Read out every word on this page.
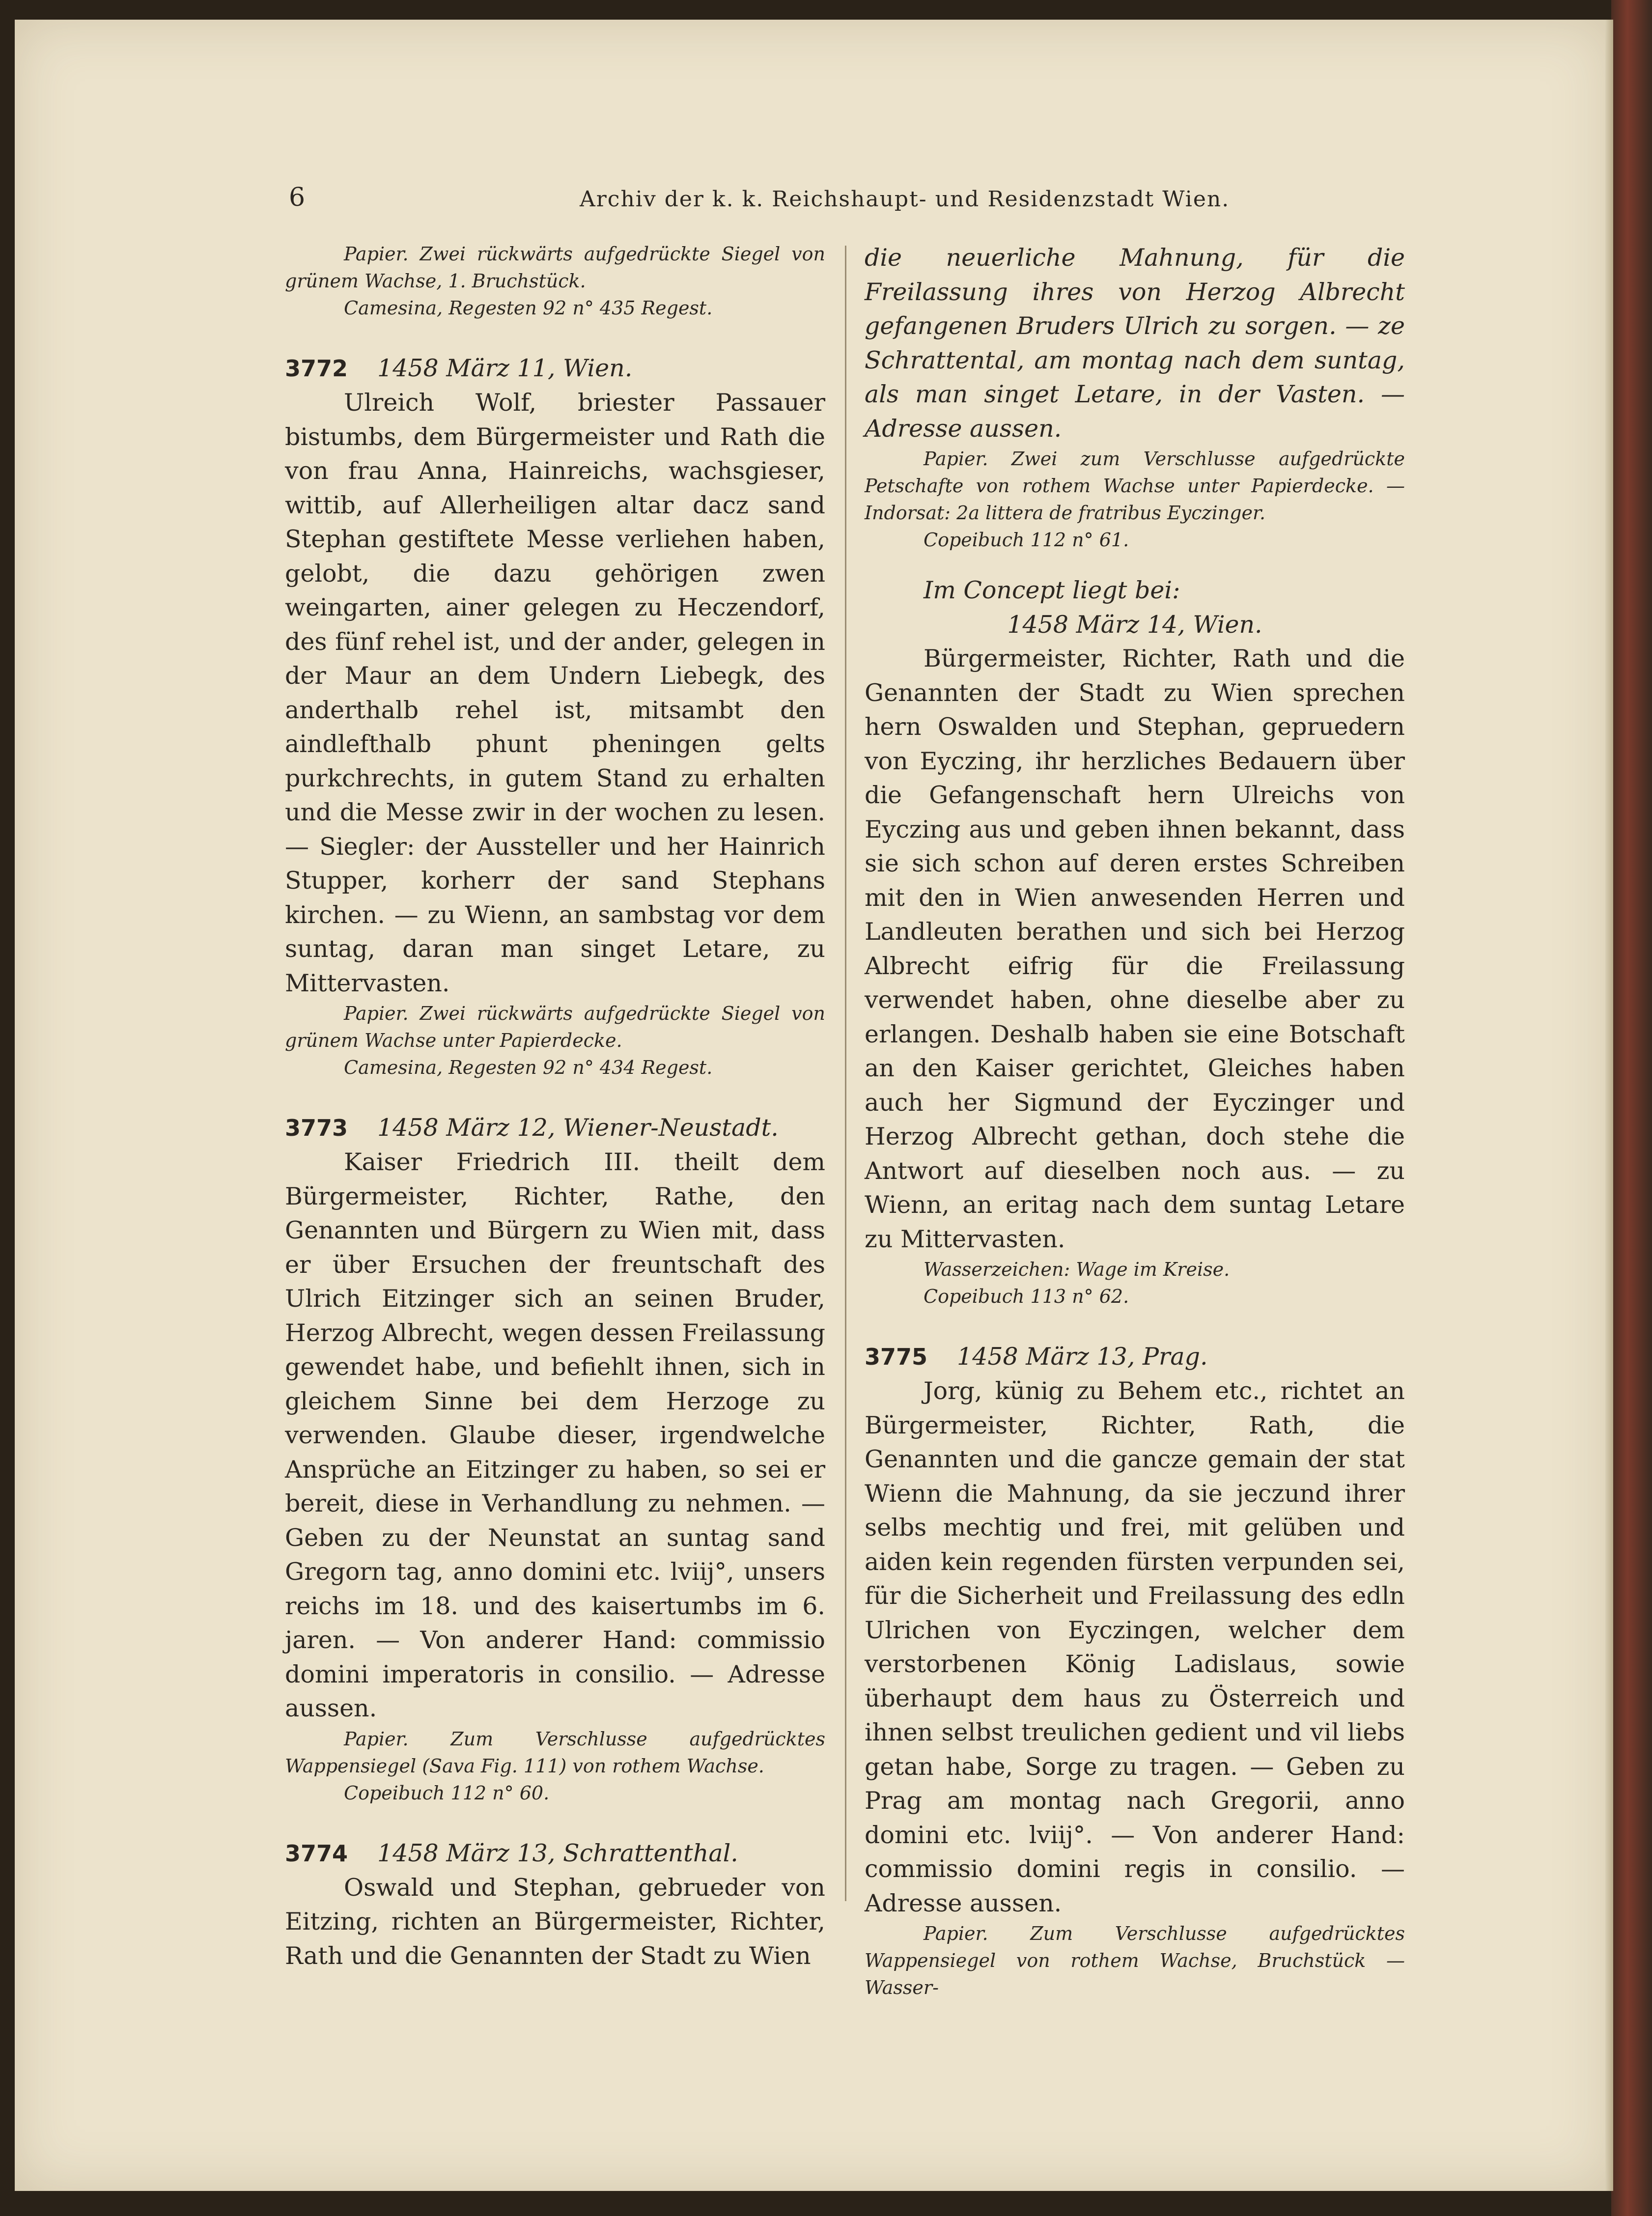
6	Archiv der k. k. Reichshaupt- und Residenzstadt Wien.
Papier. Zwei rückwärts aufgedrückte Siegel von grünem Wachse, 1. Bruchstück.
Camesina, Regesten 92 n° 435 Regest.
3772 1458 März 11, Wien.

Ulreich Wolf, briester Passauer bistumbs, dem Bürgermeister und Rath die von frau Anna, Hainreichs, wachsgieser, wittib, auf Allerheiligen altar dacz sand Stephan gestiftete Messe verliehen haben, gelobt, die dazu gehörigen zwen weingarten, ainer gelegen zu Heczendorf, des fünf rehel ist, und der ander, gelegen in der Maur an dem Undern Liebegk, des anderthalb rehel ist, mitsambt den aindlefthalb phunt pheningen gelts purkchrechts, in gutem Stand zu erhalten und die Messe zwir in der wochen zu lesen. — Siegler: der Aussteller und her Hainrich Stupper, korherr der sand Stephans kirchen. — zu Wienn, an sambstag vor dem suntag, daran man singet Letare, zu Mittervasten.

Papier. Zwei rückwärts aufgedrückte Siegel von grünem Wachse unter Papierdecke.
Camesina, Regesten 92 n° 434 Regest.
3773 1458 März 12, Wiener-Neustadt.

Kaiser Friedrich III. theilt dem Bürgermeister, Richter, Rathe, den Genannten und Bürgern zu Wien mit, dass er über Ersuchen der freuntschaft des Ulrich Eitzinger sich an seinen Bruder, Herzog Albrecht, wegen dessen Freilassung gewendet habe, und befiehlt ihnen, sich in gleichem Sinne bei dem Herzoge zu verwenden. Glaube dieser, irgendwelche Ansprüche an Eitzinger zu haben, so sei er bereit, diese in Verhandlung zu nehmen. — Geben zu der Neunstat an suntag sand Gregorn tag, anno domini etc. lviij°, unsers reichs im 18. und des kaisertumbs im 6. jaren. — Von anderer Hand: commissio domini imperatoris in consilio. — Adresse aussen.

Papier. Zum Verschlusse aufgedrücktes Wappensiegel (Sava Fig. 111) von rothem Wachse.
Copeibuch 112 n° 60.
3774 1458 März 13, Schrattenthal.

Oswald und Stephan, gebrueder von Eitzing, richten an Bürgermeister, Richter, Rath und die Genannten der Stadt zu Wien

die neuerliche Mahnung, für die Freilassung ihres von Herzog Albrecht gefangenen Bruders Ulrich zu sorgen. — ze Schrattental, am montag nach dem suntag, als man singet Letare, in der Vasten. — Adresse aussen.

Papier. Zwei zum Verschlusse aufgedrückte Petschafte von rothem Wachse unter Papierdecke. — Indorsat: 2a littera de fratribus Eyczinger.
Copeibuch 112 n° 61.

Im Concept liegt bei:

1458 März 14, Wien.

Bürgermeister, Richter, Rath und die Genannten der Stadt zu Wien sprechen hern Oswalden und Stephan, gepruedern von Eyczing, ihr herzliches Bedauern über die Gefangenschaft hern Ulreichs von Eyczing aus und geben ihnen bekannt, dass sie sich schon auf deren erstes Schreiben mit den in Wien anwesenden Herren und Landleuten berathen und sich bei Herzog Albrecht eifrig für die Freilassung verwendet haben, ohne dieselbe aber zu erlangen. Deshalb haben sie eine Botschaft an den Kaiser gerichtet, Gleiches haben auch her Sigmund der Eyczinger und Herzog Albrecht gethan, doch stehe die Antwort auf dieselben noch aus. — zu Wienn, an eritag nach dem suntag Letare zu Mittervasten.

Wasserzeichen: Wage im Kreise.
Copeibuch 113 n° 62.
3775 1458 März 13, Prag.

Jorg, künig zu Behem etc., richtet an Bürgermeister, Richter, Rath, die Genannten und die gancze gemain der stat Wienn die Mahnung, da sie jeczund ihrer selbs mechtig und frei, mit gelüben und aiden kein regenden fürsten verpunden sei, für die Sicherheit und Freilassung des edln Ulrichen von Eyczingen, welcher dem verstorbenen König Ladislaus, sowie überhaupt dem haus zu Österreich und ihnen selbst treulichen gedient und vil liebs getan habe, Sorge zu tragen. — Geben zu Prag am montag nach Gregorii, anno domini etc. lviij°. — Von anderer Hand: commissio domini regis in consilio. — Adresse aussen.

Papier. Zum Verschlusse aufgedrücktes Wappensiegel von rothem Wachse, Bruchstück — Wasser-
